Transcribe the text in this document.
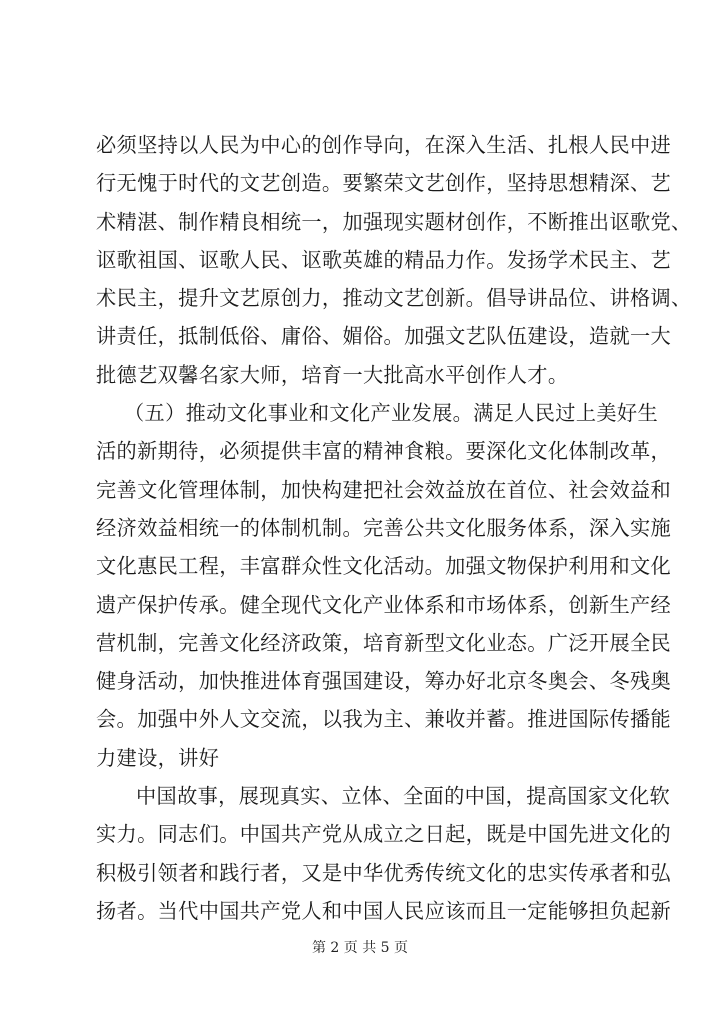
必须坚持以人民为中心的创作导向，在深入生活、扎根人民中进
行无愧于时代的文艺创造。要繁荣文艺创作，坚持思想精深、艺
术精湛、制作精良相统一，加强现实题材创作，不断推出讴歌党、
讴歌祖国、讴歌人民、讴歌英雄的精品力作。发扬学术民主、艺
术民主，提升文艺原创力，推动文艺创新。倡导讲品位、讲格调、
讲责任，抵制低俗、庸俗、媚俗。加强文艺队伍建设，造就一大
批德艺双馨名家大师，培育一大批高水平创作人才。
（五）推动文化事业和文化产业发展。满足人民过上美好生
活的新期待，必须提供丰富的精神食粮。要深化文化体制改革，
完善文化管理体制，加快构建把社会效益放在首位、社会效益和
经济效益相统一的体制机制。完善公共文化服务体系，深入实施
文化惠民工程，丰富群众性文化活动。加强文物保护利用和文化
遗产保护传承。健全现代文化产业体系和市场体系，创新生产经
营机制，完善文化经济政策，培育新型文化业态。广泛开展全民
健身活动，加快推进体育强国建设，筹办好北京冬奥会、冬残奥
会。加强中外人文交流，以我为主、兼收并蓄。推进国际传播能
力建设，讲好
中国故事，展现真实、立体、全面的中国，提高国家文化软
实力。同志们。中国共产党从成立之日起，既是中国先进文化的
积极引领者和践行者，又是中华优秀传统文化的忠实传承者和弘
扬者。当代中国共产党人和中国人民应该而且一定能够担负起新
第 2 页 共 5 页
